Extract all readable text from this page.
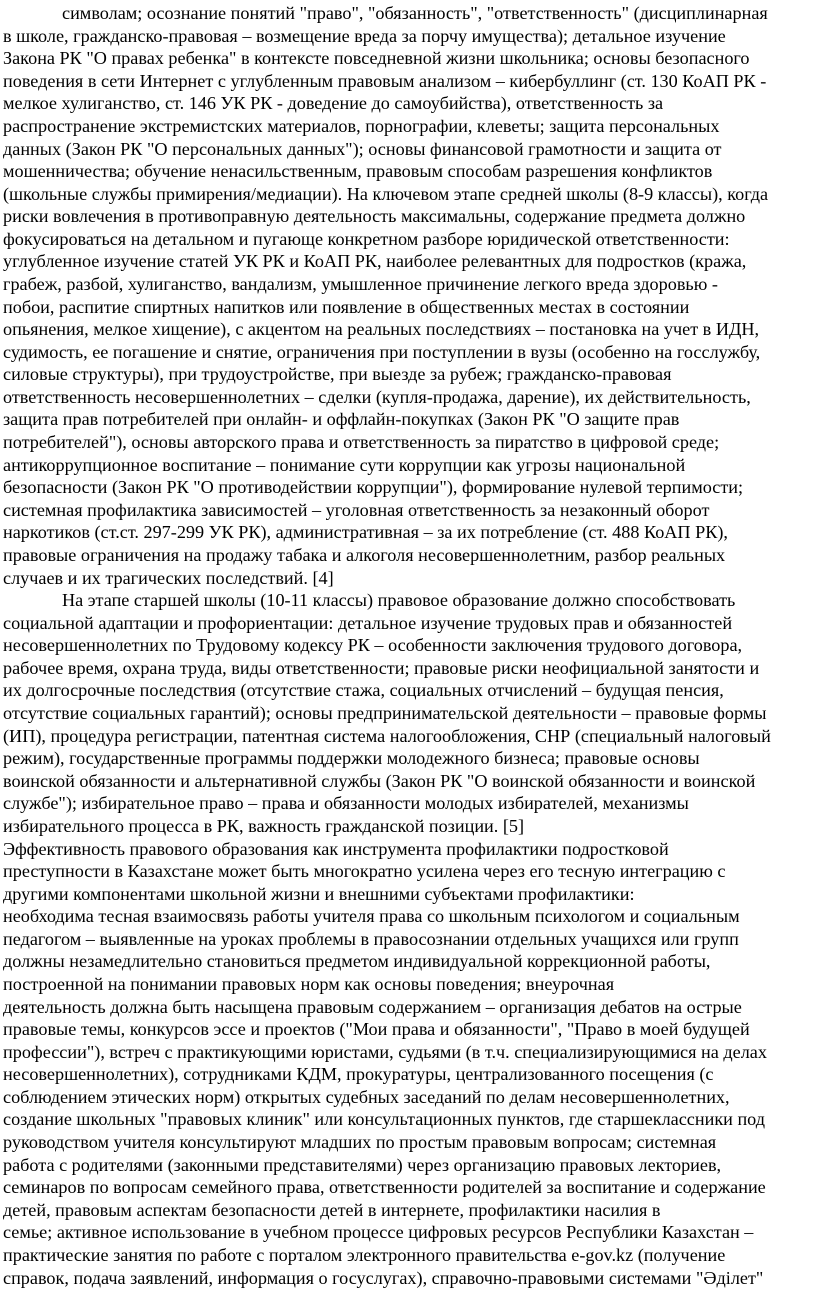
символам; осознание понятий "право", "обязанность", "ответственность" (дисциплинарная
в школе, гражданско-правовая – возмещение вреда за порчу имущества); детальное изучение
Закона РК "О правах ребенка" в контексте повседневной жизни школьника; основы безопасного
поведения в сети Интернет с углубленным правовым анализом – кибербуллинг (ст. 130 КоАП РК -
мелкое хулиганство, ст. 146 УК РК - доведение до самоубийства), ответственность за
распространение экстремистских материалов, порнографии, клеветы; защита персональных
данных (Закон РК "О персональных данных"); основы финансовой грамотности и защита от
мошенничества; обучение ненасильственным, правовым способам разрешения конфликтов
(школьные службы примирения/медиации). На ключевом этапе средней школы (8-9 классы), когда
риски вовлечения в противоправную деятельность максимальны, содержание предмета должно
фокусироваться на детальном и пугающе конкретном разборе юридической ответственности:
углубленное изучение статей УК РК и КоАП РК, наиболее релевантных для подростков (кража,
грабеж, разбой, хулиганство, вандализм, умышленное причинение легкого вреда здоровью -
побои, распитие спиртных напитков или появление в общественных местах в состоянии
опьянения, мелкое хищение), с акцентом на реальных последствиях – постановка на учет в ИДН,
судимость, ее погашение и снятие, ограничения при поступлении в вузы (особенно на госслужбу,
силовые структуры), при трудоустройстве, при выезде за рубеж; гражданско-правовая
ответственность несовершеннолетних – сделки (купля-продажа, дарение), их действительность,
защита прав потребителей при онлайн- и оффлайн-покупках (Закон РК "О защите прав
потребителей"), основы авторского права и ответственность за пиратство в цифровой среде;
антикоррупционное воспитание – понимание сути коррупции как угрозы национальной
безопасности (Закон РК "О противодействии коррупции"), формирование нулевой терпимости;
системная профилактика зависимостей – уголовная ответственность за незаконный оборот
наркотиков (ст.ст. 297-299 УК РК), административная – за их потребление (ст. 488 КоАП РК),
правовые ограничения на продажу табака и алкоголя несовершеннолетним, разбор реальных
случаев и их трагических последствий. [4]
На этапе старшей школы (10-11 классы) правовое образование должно способствовать
социальной адаптации и профориентации: детальное изучение трудовых прав и обязанностей
несовершеннолетних по Трудовому кодексу РК – особенности заключения трудового договора,
рабочее время, охрана труда, виды ответственности; правовые риски неофициальной занятости и
их долгосрочные последствия (отсутствие стажа, социальных отчислений – будущая пенсия,
отсутствие социальных гарантий); основы предпринимательской деятельности – правовые формы
(ИП), процедура регистрации, патентная система налогообложения, СНР (специальный налоговый
режим), государственные программы поддержки молодежного бизнеса; правовые основы
воинской обязанности и альтернативной службы (Закон РК "О воинской обязанности и воинской
службе"); избирательное право – права и обязанности молодых избирателей, механизмы
избирательного процесса в РК, важность гражданской позиции. [5]
Эффективность правового образования как инструмента профилактики подростковой
преступности в Казахстане может быть многократно усилена через его тесную интеграцию с
другими компонентами школьной жизни и внешними субъектами профилактики:
необходима тесная взаимосвязь работы учителя права со школьным психологом и социальным
педагогом – выявленные на уроках проблемы в правосознании отдельных учащихся или групп
должны незамедлительно становиться предметом индивидуальной коррекционной работы,
построенной на понимании правовых норм как основы поведения; внеурочная
деятельность должна быть насыщена правовым содержанием – организация дебатов на острые
правовые темы, конкурсов эссе и проектов ("Мои права и обязанности", "Право в моей будущей
профессии"), встреч с практикующими юристами, судьями (в т.ч. специализирующимися на делах
несовершеннолетних), сотрудниками КДМ, прокуратуры, централизованного посещения (с
соблюдением этических норм) открытых судебных заседаний по делам несовершеннолетних,
создание школьных "правовых клиник" или консультационных пунктов, где старшеклассники под
руководством учителя консультируют младших по простым правовым вопросам; системная
работа с родителями (законными представителями) через организацию правовых лекториев,
семинаров по вопросам семейного права, ответственности родителей за воспитание и содержание
детей, правовым аспектам безопасности детей в интернете, профилактики насилия в
семье; активное использование в учебном процессе цифровых ресурсов Республики Казахстан –
практические занятия по работе с порталом электронного правительства e-gov.kz (получение
справок, подача заявлений, информация о госуслугах), справочно-правовыми системами "Әділет"
